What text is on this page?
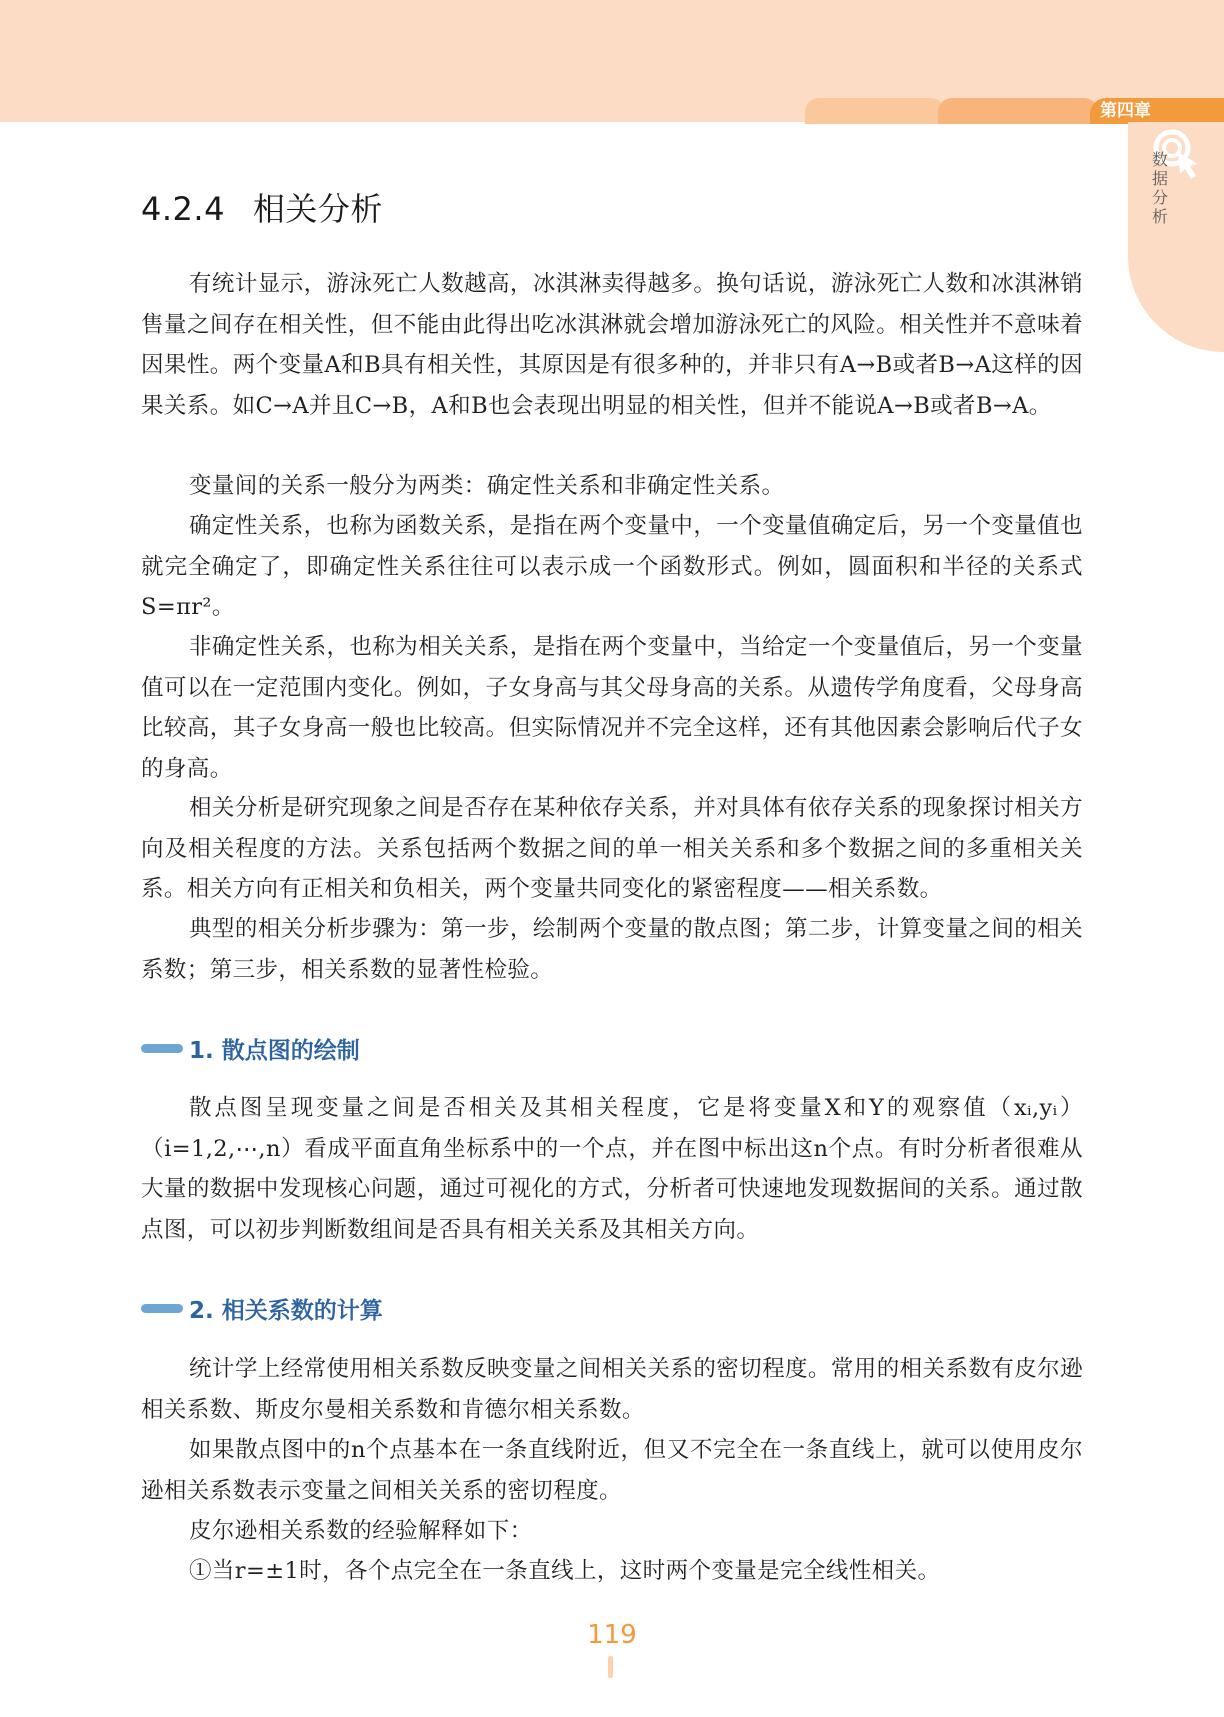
第四章
数据分析
4.2.4 相关分析

有统计显示，游泳死亡人数越高，冰淇淋卖得越多。换句话说，游泳死亡人数和冰淇淋销售量之间存在相关性，但不能由此得出吃冰淇淋就会增加游泳死亡的风险。相关性并不意味着因果性。两个变量A和B具有相关性，其原因是有很多种的，并非只有A→B或者B→A这样的因果关系。如C→A并且C→B，A和B也会表现出明显的相关性，但并不能说A→B或者B→A。

变量间的关系一般分为两类：确定性关系和非确定性关系。

确定性关系，也称为函数关系，是指在两个变量中，一个变量值确定后，另一个变量值也就完全确定了，即确定性关系往往可以表示成一个函数形式。例如，圆面积和半径的关系式S=πr²。

非确定性关系，也称为相关关系，是指在两个变量中，当给定一个变量值后，另一个变量值可以在一定范围内变化。例如，子女身高与其父母身高的关系。从遗传学角度看，父母身高比较高，其子女身高一般也比较高。但实际情况并不完全这样，还有其他因素会影响后代子女的身高。

相关分析是研究现象之间是否存在某种依存关系，并对具体有依存关系的现象探讨相关方向及相关程度的方法。关系包括两个数据之间的单一相关关系和多个数据之间的多重相关关系。相关方向有正相关和负相关，两个变量共同变化的紧密程度——相关系数。

典型的相关分析步骤为：第一步，绘制两个变量的散点图；第二步，计算变量之间的相关系数；第三步，相关系数的显著性检验。

1. 散点图的绘制

散点图呈现变量之间是否相关及其相关程度，它是将变量X和Y的观察值（xᵢ,yᵢ）（i=1,2,⋯,n）看成平面直角坐标系中的一个点，并在图中标出这n个点。有时分析者很难从大量的数据中发现核心问题，通过可视化的方式，分析者可快速地发现数据间的关系。通过散点图，可以初步判断数组间是否具有相关关系及其相关方向。

2. 相关系数的计算

统计学上经常使用相关系数反映变量之间相关关系的密切程度。常用的相关系数有皮尔逊相关系数、斯皮尔曼相关系数和肯德尔相关系数。

如果散点图中的n个点基本在一条直线附近，但又不完全在一条直线上，就可以使用皮尔逊相关系数表示变量之间相关关系的密切程度。

皮尔逊相关系数的经验解释如下：

①当r=±1时，各个点完全在一条直线上，这时两个变量是完全线性相关。

119
